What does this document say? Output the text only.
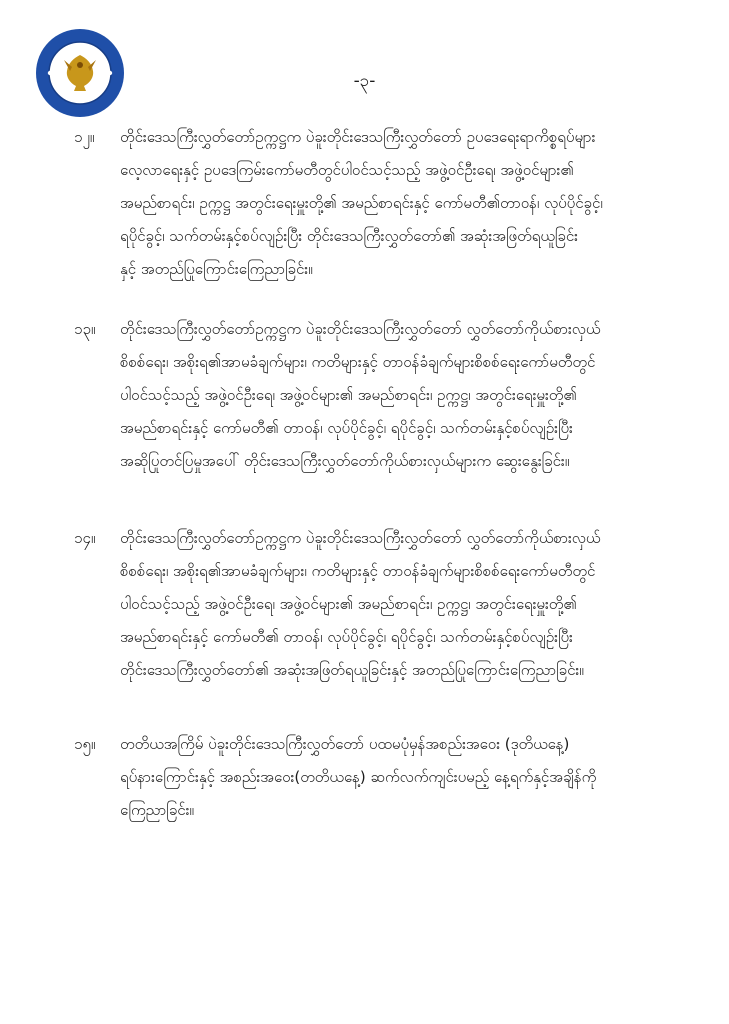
-၃-
၁၂။ တိုင်းဒေသကြီးလွှတ်တော်ဥက္ကဋ္ဌက ပဲခူးတိုင်းဒေသကြီးလွှတ်တော် ဥပဒေရေးရာကိစ္စရပ်များ
လေ့လာရေးနှင့် ဥပဒေကြမ်းကော်မတီတွင်ပါဝင်သင့်သည့် အဖွဲ့ဝင်ဦးရေ၊ အဖွဲ့ဝင်များ၏
အမည်စာရင်း၊ ဥက္ကဋ္ဌ အတွင်းရေးမှူးတို့၏ အမည်စာရင်းနှင့် ကော်မတီ၏တာဝန်၊ လုပ်ပိုင်ခွင့်၊
ရပိုင်ခွင့်၊ သက်တမ်းနှင့်စပ်လျဉ်းပြီး တိုင်းဒေသကြီးလွှတ်တော်၏ အဆုံးအဖြတ်ရယူခြင်း
နှင့် အတည်ပြုကြောင်းကြေညာခြင်း။
၁၃။ တိုင်းဒေသကြီးလွှတ်တော်ဥက္ကဋ္ဌက ပဲခူးတိုင်းဒေသကြီးလွှတ်တော် လွှတ်တော်ကိုယ်စားလှယ်
စိစစ်ရေး၊ အစိုးရ၏အာမခံချက်များ၊ ကတိများနှင့် တာဝန်ခံချက်များစိစစ်ရေးကော်မတီတွင်
ပါဝင်သင့်သည့် အဖွဲ့ဝင်ဦးရေ၊ အဖွဲ့ဝင်များ၏ အမည်စာရင်း၊ ဥက္ကဋ္ဌ၊ အတွင်းရေးမှူးတို့၏
အမည်စာရင်းနှင့် ကော်မတီ၏ တာဝန်၊ လုပ်ပိုင်ခွင့်၊ ရပိုင်ခွင့်၊ သက်တမ်းနှင့်စပ်လျဉ်းပြီး
အဆိုပြုတင်ပြမှုအပေါ် တိုင်းဒေသကြီးလွှတ်တော်ကိုယ်စားလှယ်များက ဆွေးနွေးခြင်း။
၁၄။ တိုင်းဒေသကြီးလွှတ်တော်ဥက္ကဋ္ဌက ပဲခူးတိုင်းဒေသကြီးလွှတ်တော် လွှတ်တော်ကိုယ်စားလှယ်
စိစစ်ရေး၊ အစိုးရ၏အာမခံချက်များ၊ ကတိများနှင့် တာဝန်ခံချက်များစိစစ်ရေးကော်မတီတွင်
ပါဝင်သင့်သည့် အဖွဲ့ဝင်ဦးရေ၊ အဖွဲ့ဝင်များ၏ အမည်စာရင်း၊ ဥက္ကဋ္ဌ၊ အတွင်းရေးမှူးတို့၏
အမည်စာရင်းနှင့် ကော်မတီ၏ တာဝန်၊ လုပ်ပိုင်ခွင့်၊ ရပိုင်ခွင့်၊ သက်တမ်းနှင့်စပ်လျဉ်းပြီး
တိုင်းဒေသကြီးလွှတ်တော်၏ အဆုံးအဖြတ်ရယူခြင်းနှင့် အတည်ပြုကြောင်းကြေညာခြင်း။
၁၅။ တတိယအကြိမ် ပဲခူးတိုင်းဒေသကြီးလွှတ်တော် ပထမပုံမှန်အစည်းအဝေး (ဒုတိယနေ့)
ရပ်နားကြောင်းနှင့် အစည်းအဝေး(တတိယနေ့) ဆက်လက်ကျင်းပမည့် နေ့ရက်နှင့်အချိန်ကို
ကြေညာခြင်း။
